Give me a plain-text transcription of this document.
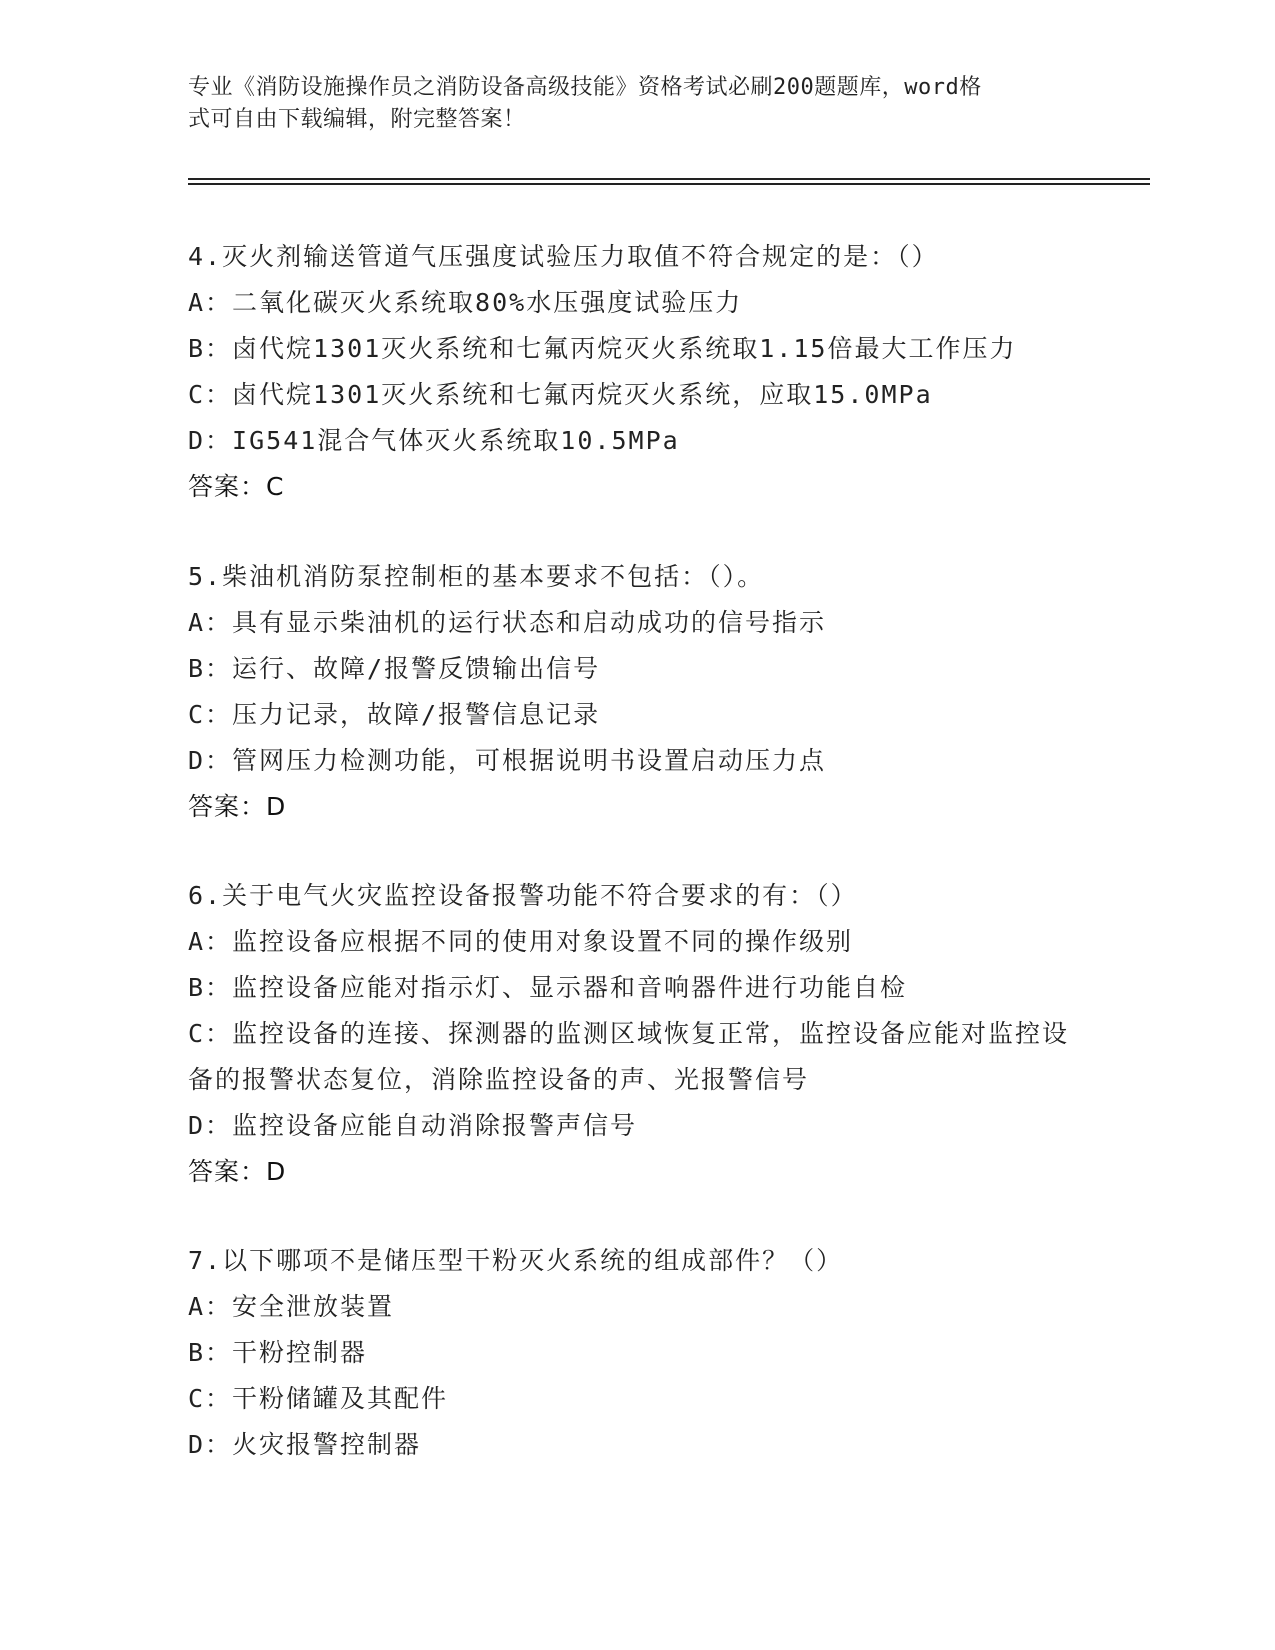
专业《消防设施操作员之消防设备高级技能》资格考试必刷200题题库，word格
式可自由下载编辑，附完整答案！
4.灭火剂输送管道气压强度试验压力取值不符合规定的是：（）
A：二氧化碳灭火系统取80%水压强度试验压力
B：卤代烷1301灭火系统和七氟丙烷灭火系统取1.15倍最大工作压力
C：卤代烷1301灭火系统和七氟丙烷灭火系统，应取15.0MPa
D：IG541混合气体灭火系统取10.5MPa
答案：C
5.柴油机消防泵控制柜的基本要求不包括：（）。
A：具有显示柴油机的运行状态和启动成功的信号指示
B：运行、故障/报警反馈输出信号
C：压力记录，故障/报警信息记录
D：管网压力检测功能，可根据说明书设置启动压力点
答案：D
6.关于电气火灾监控设备报警功能不符合要求的有：（）
A：监控设备应根据不同的使用对象设置不同的操作级别
B：监控设备应能对指示灯、显示器和音响器件进行功能自检
C：监控设备的连接、探测器的监测区域恢复正常，监控设备应能对监控设备的报警状态复位，消除监控设备的声、光报警信号
D：监控设备应能自动消除报警声信号
答案：D
7.以下哪项不是储压型干粉灭火系统的组成部件？（）
A：安全泄放装置
B：干粉控制器
C：干粉储罐及其配件
D：火灾报警控制器
